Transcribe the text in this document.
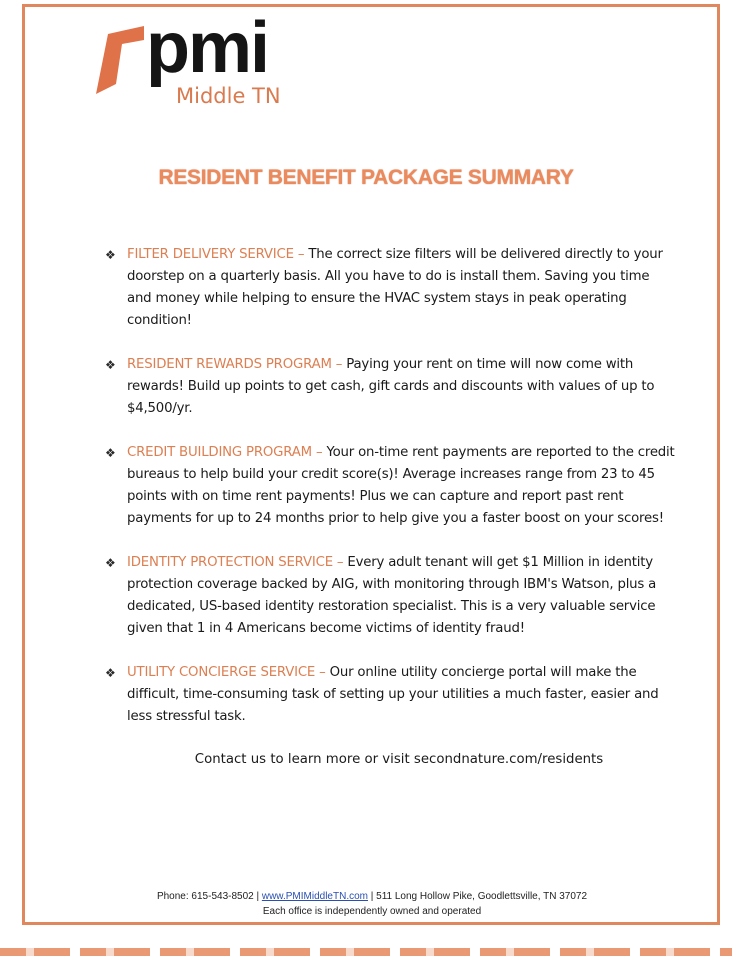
pmi
Middle TN
RESIDENT BENEFIT PACKAGE SUMMARY
❖ FILTER DELIVERY SERVICE – The correct size filters will be delivered directly to your doorstep on a quarterly basis. All you have to do is install them. Saving you time and money while helping to ensure the HVAC system stays in peak operating condition!
❖ RESIDENT REWARDS PROGRAM – Paying your rent on time will now come with rewards! Build up points to get cash, gift cards and discounts with values of up to $4,500/yr.
❖ CREDIT BUILDING PROGRAM – Your on-time rent payments are reported to the credit bureaus to help build your credit score(s)! Average increases range from 23 to 45 points with on time rent payments! Plus we can capture and report past rent payments for up to 24 months prior to help give you a faster boost on your scores!
❖ IDENTITY PROTECTION SERVICE – Every adult tenant will get $1 Million in identity protection coverage backed by AIG, with monitoring through IBM's Watson, plus a dedicated, US-based identity restoration specialist. This is a very valuable service given that 1 in 4 Americans become victims of identity fraud!
❖ UTILITY CONCIERGE SERVICE – Our online utility concierge portal will make the difficult, time-consuming task of setting up your utilities a much faster, easier and less stressful task.
Contact us to learn more or visit secondnature.com/residents
Phone: 615-543-8502 | www.PMIMiddleTN.com | 511 Long Hollow Pike, Goodlettsville, TN 37072
Each office is independently owned and operated
